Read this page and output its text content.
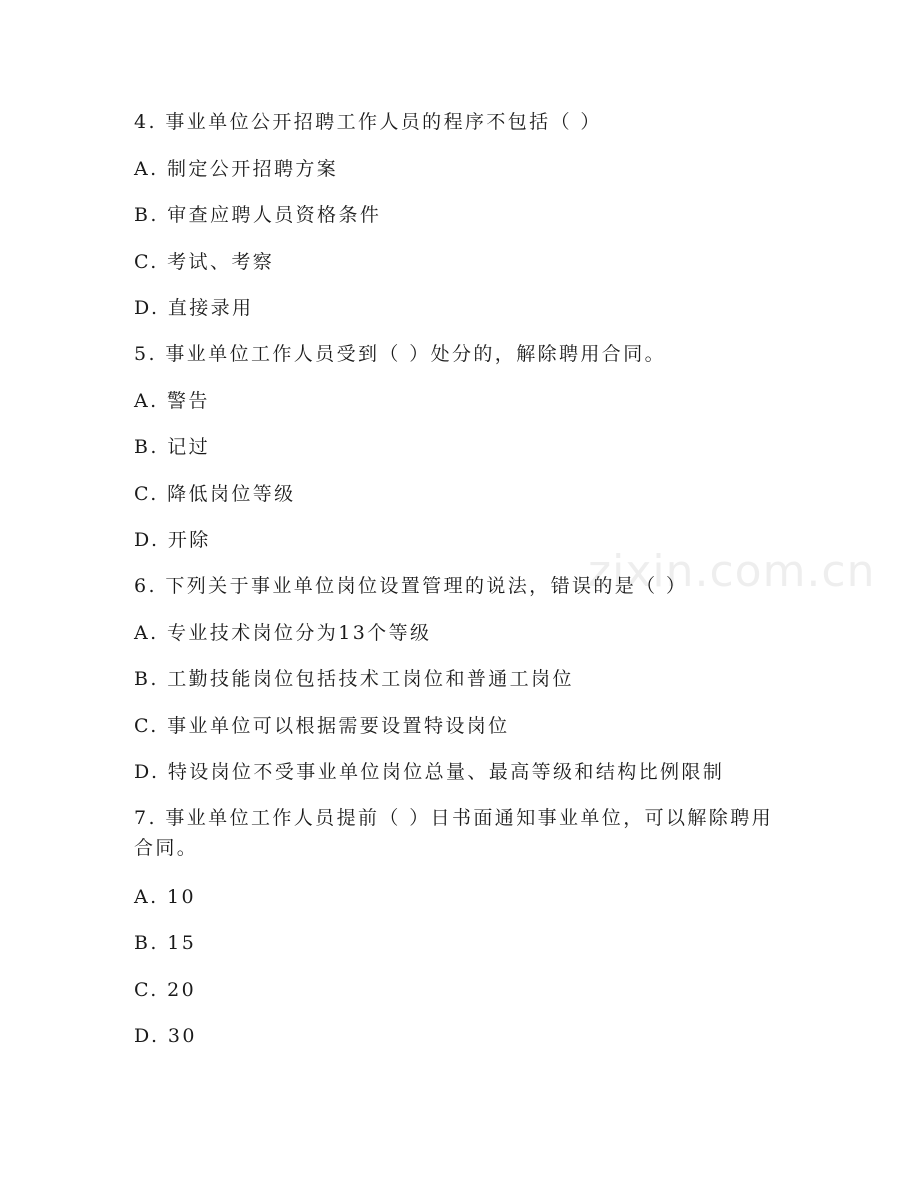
zixin.com.cn
4. 事业单位公开招聘工作人员的程序不包括（ ）
A. 制定公开招聘方案
B. 审查应聘人员资格条件
C. 考试、考察
D. 直接录用
5. 事业单位工作人员受到（ ）处分的，解除聘用合同。
A. 警告
B. 记过
C. 降低岗位等级
D. 开除
6. 下列关于事业单位岗位设置管理的说法，错误的是（ ）
A. 专业技术岗位分为13个等级
B. 工勤技能岗位包括技术工岗位和普通工岗位
C. 事业单位可以根据需要设置特设岗位
D. 特设岗位不受事业单位岗位总量、最高等级和结构比例限制
7. 事业单位工作人员提前（ ）日书面通知事业单位，可以解除聘用合同。
A. 10
B. 15
C. 20
D. 30
